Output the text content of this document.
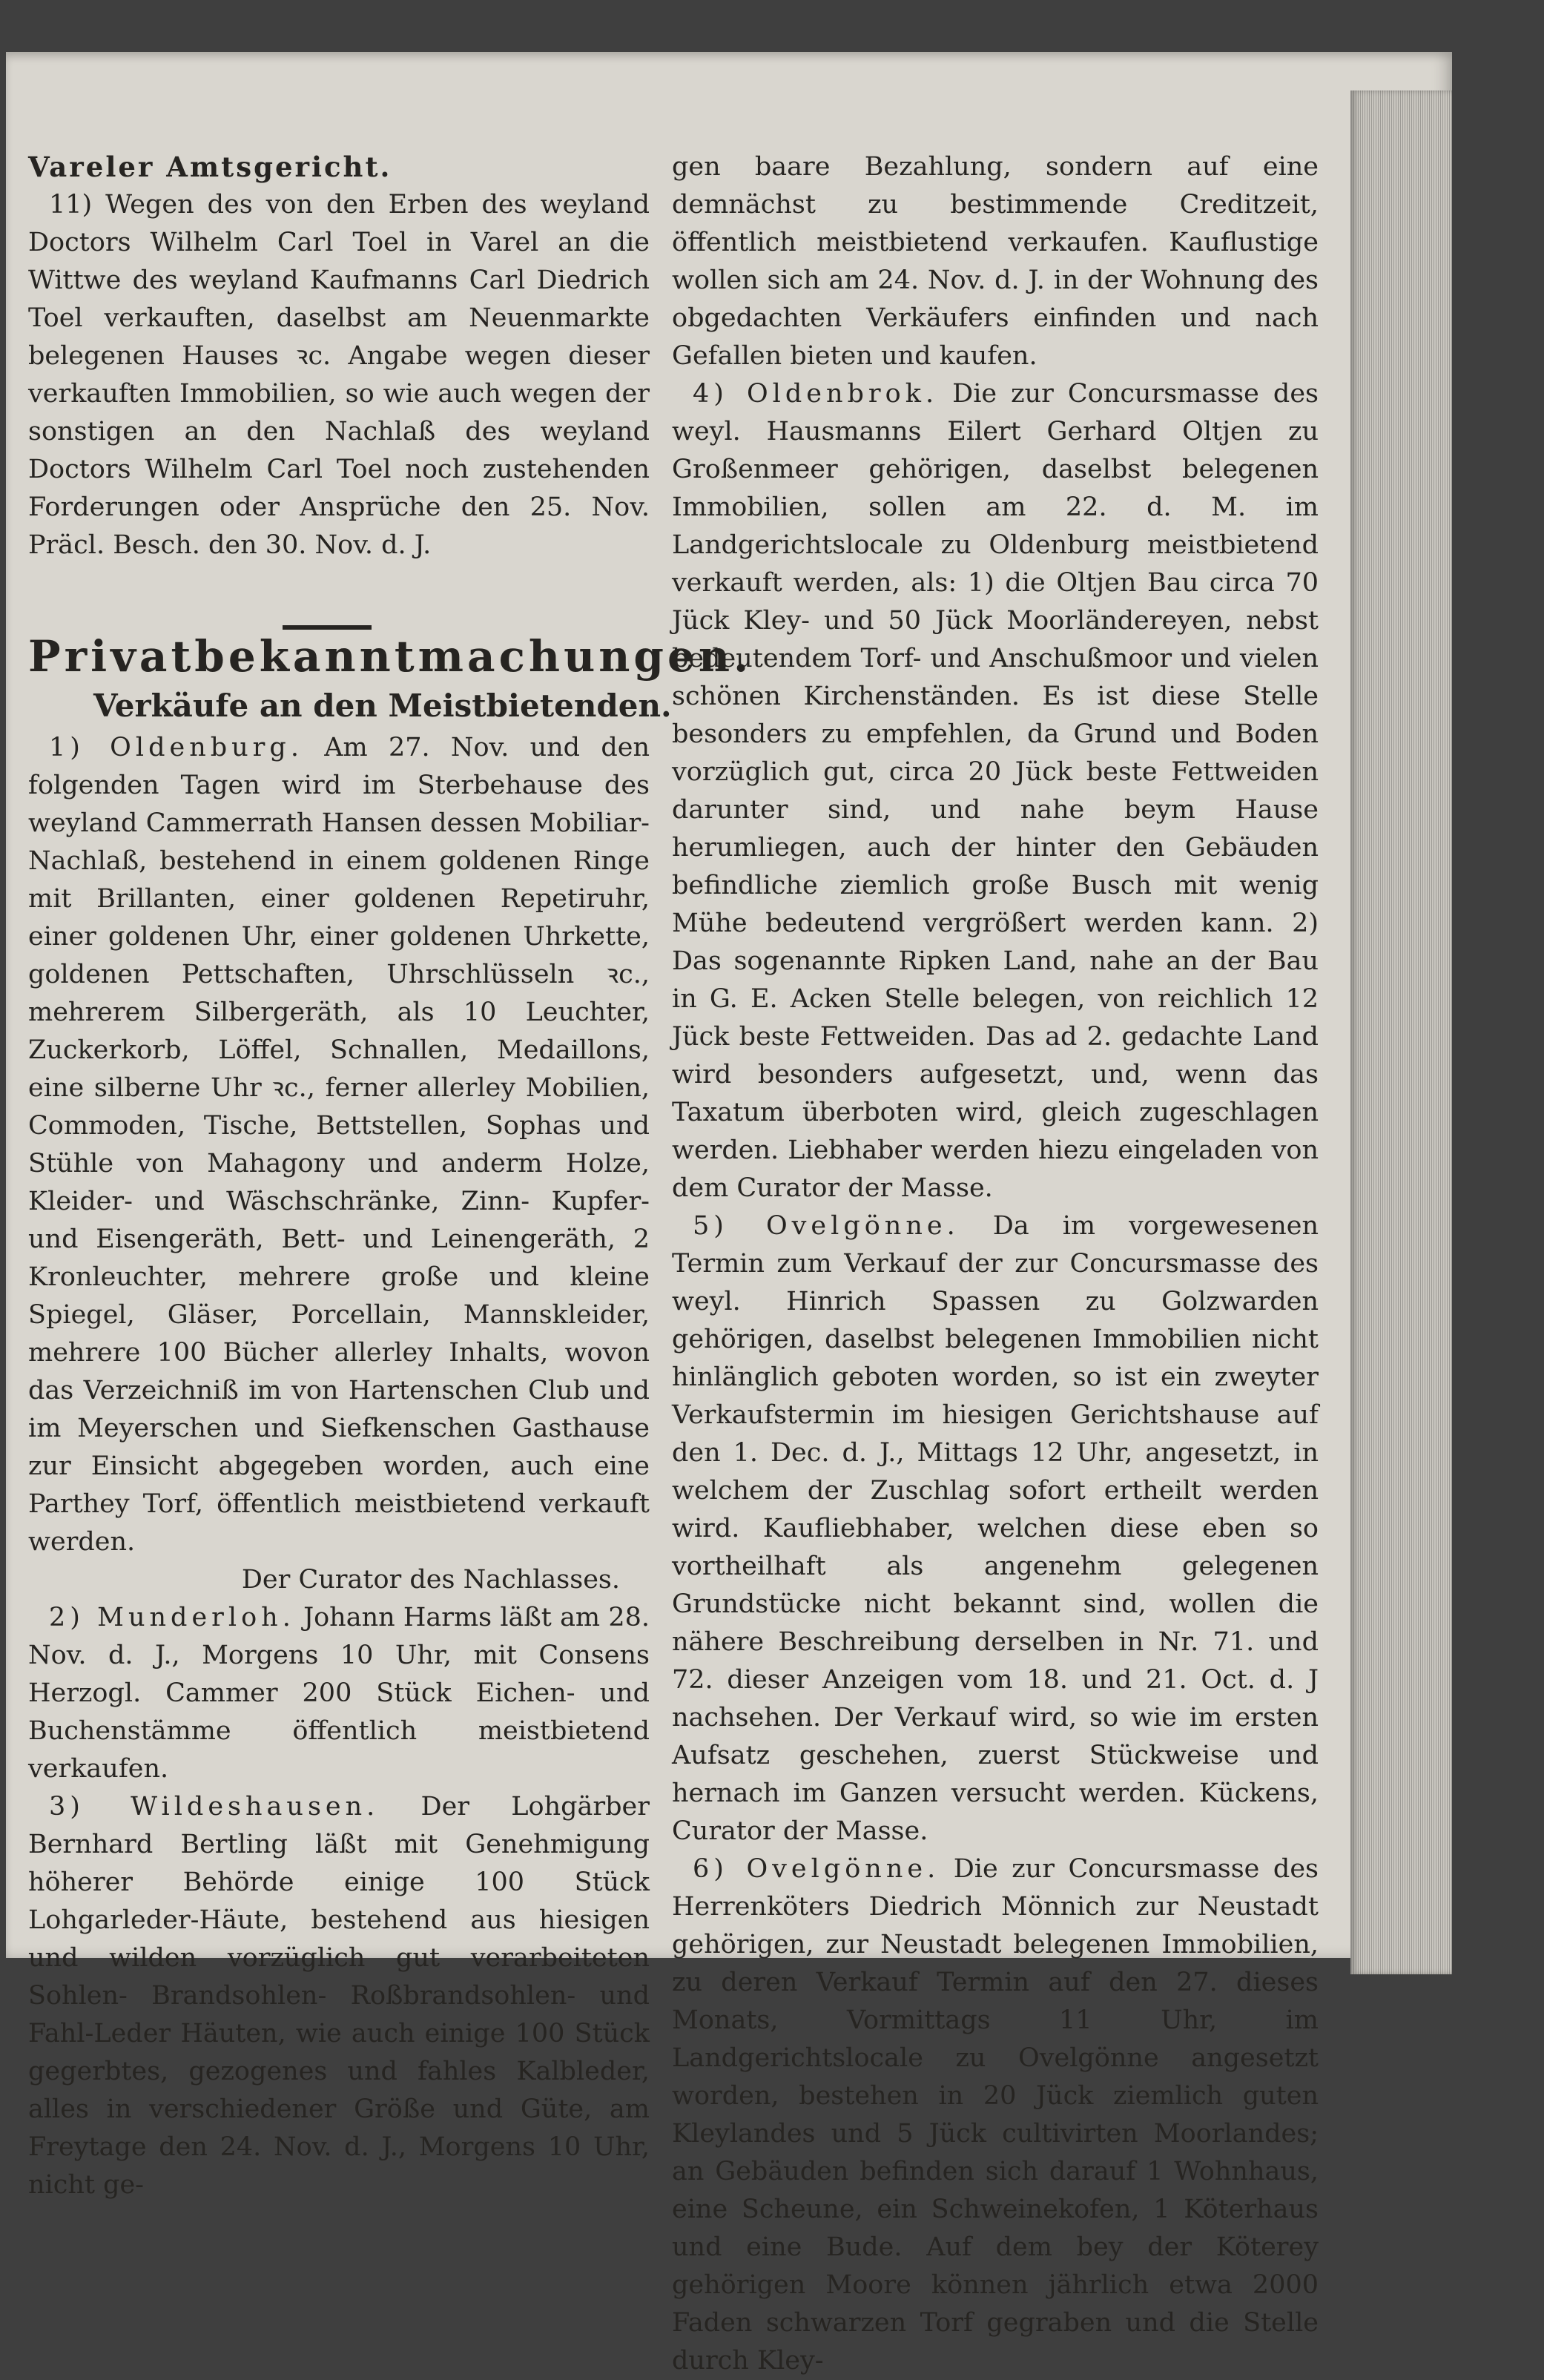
Vareler Amtsgericht.

11) Wegen des von den Erben des weyland Doctors Wilhelm Carl Toel in Varel an die Wittwe des weyland Kaufmanns Carl Diedrich Toel verkauften, daselbst am Neuenmarkte belegenen Hauses ꝛc. Angabe wegen dieser verkauften Immobilien, so wie auch wegen der sonstigen an den Nachlaß des weyland Doctors Wilhelm Carl Toel noch zustehenden Forderungen oder Ansprüche den 25. Nov. Präcl. Besch. den 30. Nov. d. J.

Privatbekanntmachungen.

Verkäufe an den Meistbietenden.

1) Oldenburg. Am 27. Nov. und den folgenden Tagen wird im Sterbehause des weyland Cammerrath Hansen dessen Mobiliar-Nachlaß, bestehend in einem goldenen Ringe mit Brillanten, einer goldenen Repetiruhr, einer goldenen Uhr, einer goldenen Uhrkette, goldenen Pettschaften, Uhrschlüsseln ꝛc., mehrerem Silbergeräth, als 10 Leuchter, Zuckerkorb, Löffel, Schnallen, Medaillons, eine silberne Uhr ꝛc., ferner allerley Mobilien, Commoden, Tische, Bettstellen, Sophas und Stühle von Mahagony und anderm Holze, Kleider- und Wäschschränke, Zinn- Kupfer- und Eisengeräth, Bett- und Leinengeräth, 2 Kronleuchter, mehrere große und kleine Spiegel, Gläser, Porcellain, Mannskleider, mehrere 100 Bücher allerley Inhalts, wovon das Verzeichniß im von Hartenschen Club und im Meyerschen und Siefkenschen Gasthause zur Einsicht abgegeben worden, auch eine Parthey Torf, öffentlich meistbietend verkauft werden.

Der Curator des Nachlasses.

2) Munderloh. Johann Harms läßt am 28. Nov. d. J., Morgens 10 Uhr, mit Consens Herzogl. Cammer 200 Stück Eichen- und Buchenstämme öffentlich meistbietend verkaufen.

3) Wildeshausen. Der Lohgärber Bernhard Bertling läßt mit Genehmigung höherer Behörde einige 100 Stück Lohgarleder-Häute, bestehend aus hiesigen und wilden vorzüglich gut verarbeiteten Sohlen- Brandsohlen- Roßbrandsohlen- und Fahl-Leder Häuten, wie auch einige 100 Stück gegerbtes, gezogenes und fahles Kalbleder, alles in verschiedener Größe und Güte, am Freytage den 24. Nov. d. J., Morgens 10 Uhr, nicht ge-

gen baare Bezahlung, sondern auf eine demnächst zu bestimmende Creditzeit, öffentlich meistbietend verkaufen. Kauflustige wollen sich am 24. Nov. d. J. in der Wohnung des obgedachten Verkäufers einfinden und nach Gefallen bieten und kaufen.

4) Oldenbrok. Die zur Concursmasse des weyl. Hausmanns Eilert Gerhard Oltjen zu Großenmeer gehörigen, daselbst belegenen Immobilien, sollen am 22. d. M. im Landgerichtslocale zu Oldenburg meistbietend verkauft werden, als: 1) die Oltjen Bau circa 70 Jück Kley- und 50 Jück Moorländereyen, nebst bedeutendem Torf- und Anschußmoor und vielen schönen Kirchenständen. Es ist diese Stelle besonders zu empfehlen, da Grund und Boden vorzüglich gut, circa 20 Jück beste Fettweiden darunter sind, und nahe beym Hause herumliegen, auch der hinter den Gebäuden befindliche ziemlich große Busch mit wenig Mühe bedeutend vergrößert werden kann. 2) Das sogenannte Ripken Land, nahe an der Bau in G. E. Acken Stelle belegen, von reichlich 12 Jück beste Fettweiden. Das ad 2. gedachte Land wird besonders aufgesetzt, und, wenn das Taxatum überboten wird, gleich zugeschlagen werden. Liebhaber werden hiezu eingeladen von dem Curator der Masse.

5) Ovelgönne. Da im vorgewesenen Termin zum Verkauf der zur Concursmasse des weyl. Hinrich Spassen zu Golzwarden gehörigen, daselbst belegenen Immobilien nicht hinlänglich geboten worden, so ist ein zweyter Verkaufstermin im hiesigen Gerichtshause auf den 1. Dec. d. J., Mittags 12 Uhr, angesetzt, in welchem der Zuschlag sofort ertheilt werden wird. Kaufliebhaber, welchen diese eben so vortheilhaft als angenehm gelegenen Grundstücke nicht bekannt sind, wollen die nähere Beschreibung derselben in Nr. 71. und 72. dieser Anzeigen vom 18. und 21. Oct. d. J nachsehen. Der Verkauf wird, so wie im ersten Aufsatz geschehen, zuerst Stückweise und hernach im Ganzen versucht werden. Kückens, Curator der Masse.

6) Ovelgönne. Die zur Concursmasse des Herrenköters Diedrich Mönnich zur Neustadt gehörigen, zur Neustadt belegenen Immobilien, zu deren Verkauf Termin auf den 27. dieses Monats, Vormittags 11 Uhr, im Landgerichtslocale zu Ovelgönne angesetzt worden, bestehen in 20 Jück ziemlich guten Kleylandes und 5 Jück cultivirten Moorlandes; an Gebäuden befinden sich darauf 1 Wohnhaus, eine Scheune, ein Schweinekofen, 1 Köterhaus und eine Bude. Auf dem bey der Köterey gehörigen Moore können jährlich etwa 2000 Faden schwarzen Torf gegraben und die Stelle durch Kley-
